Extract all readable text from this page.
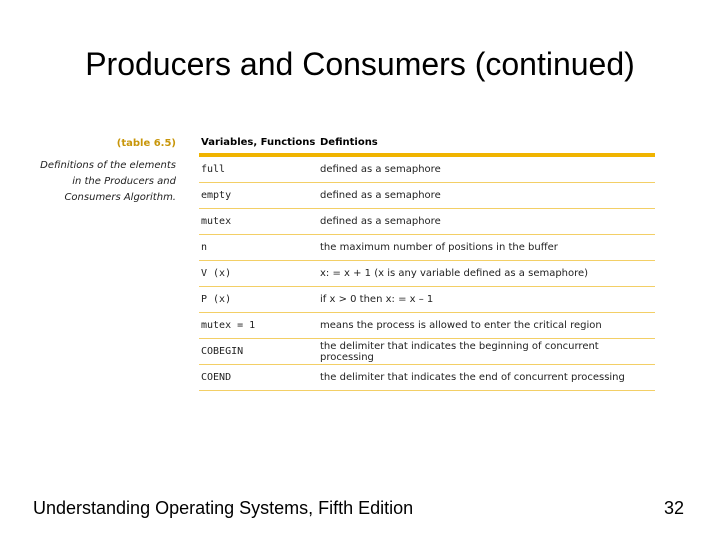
Producers and Consumers (continued)
(table 6.5)
Definitions of the elements in the Producers and Consumers Algorithm.
Variables, Functions	Defintions
full	defined as a semaphore
empty	defined as a semaphore
mutex	defined as a semaphore
n	the maximum number of positions in the buffer
V (x)	x: = x + 1 (x is any variable defined as a semaphore)
P (x)	if x > 0 then x: = x – 1
mutex = 1	means the process is allowed to enter the critical region
COBEGIN	the delimiter that indicates the beginning of concurrent processing
COEND	the delimiter that indicates the end of concurrent processing
Understanding Operating Systems, Fifth Edition	32
